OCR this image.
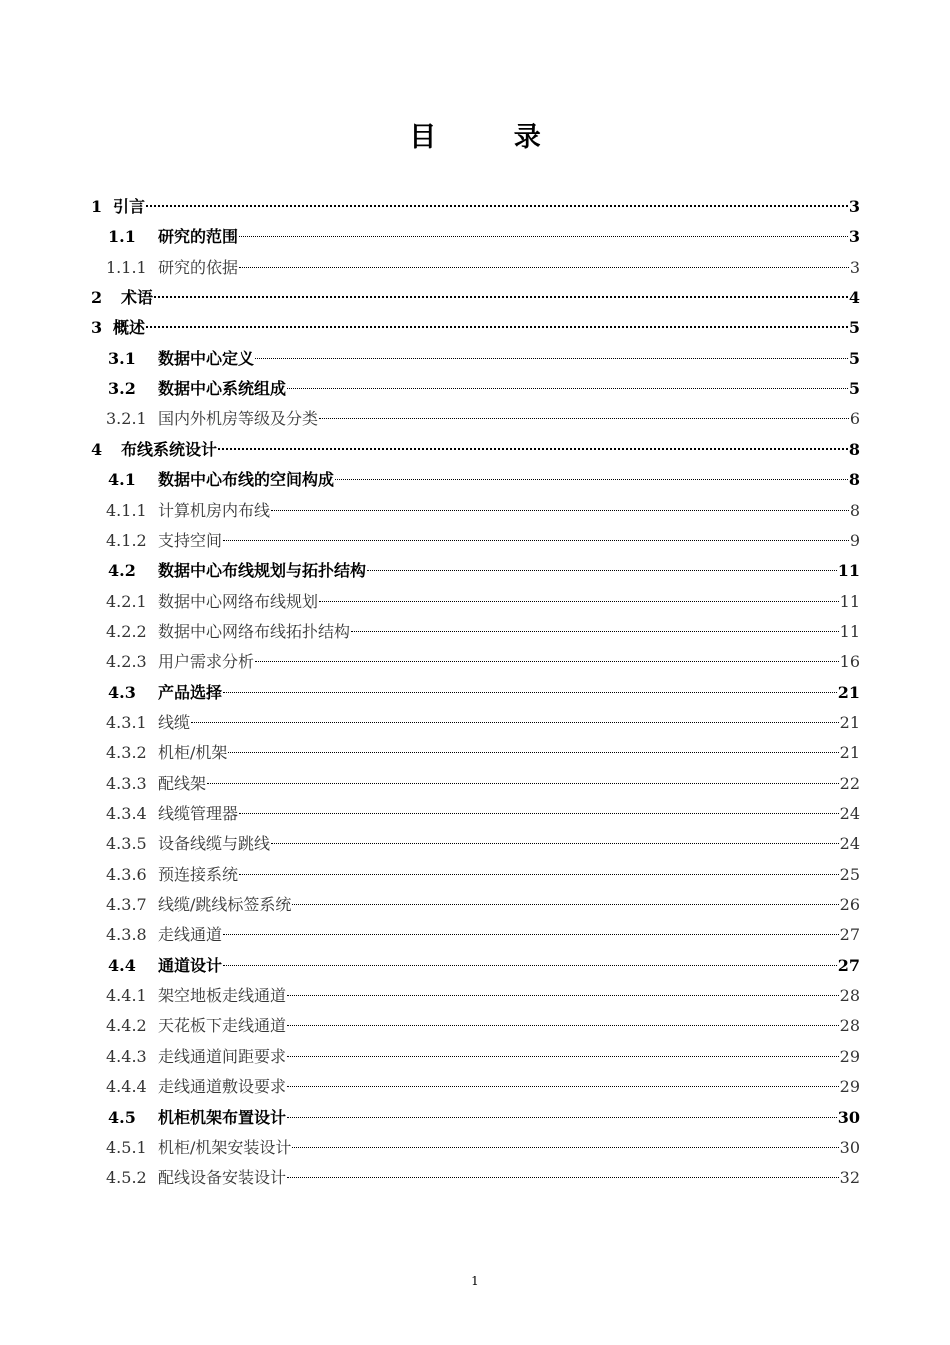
目 录
1 引言	3
1.1	研究的范围	3
1.1.1 研究的依据	3
2	术语	4
3 概述	5
3.1	数据中心定义	5
3.2	数据中心系统组成	5
3.2.1 国内外机房等级及分类	6
4	布线系统设计	8
4.1	数据中心布线的空间构成	8
4.1.1 计算机房内布线	8
4.1.2 支持空间	9
4.2	数据中心布线规划与拓扑结构	11
4.2.1 数据中心网络布线规划	11
4.2.2 数据中心网络布线拓扑结构	11
4.2.3 用户需求分析	16
4.3	产品选择	21
4.3.1 线缆	21
4.3.2 机柜/机架	21
4.3.3 配线架	22
4.3.4 线缆管理器	24
4.3.5 设备线缆与跳线	24
4.3.6 预连接系统	25
4.3.7 线缆/跳线标签系统	26
4.3.8 走线通道	27
4.4	通道设计	27
4.4.1 架空地板走线通道	28
4.4.2 天花板下走线通道	28
4.4.3 走线通道间距要求	29
4.4.4 走线通道敷设要求	29
4.5	机柜机架布置设计	30
4.5.1 机柜/机架安装设计	30
4.5.2 配线设备安装设计	32
1
